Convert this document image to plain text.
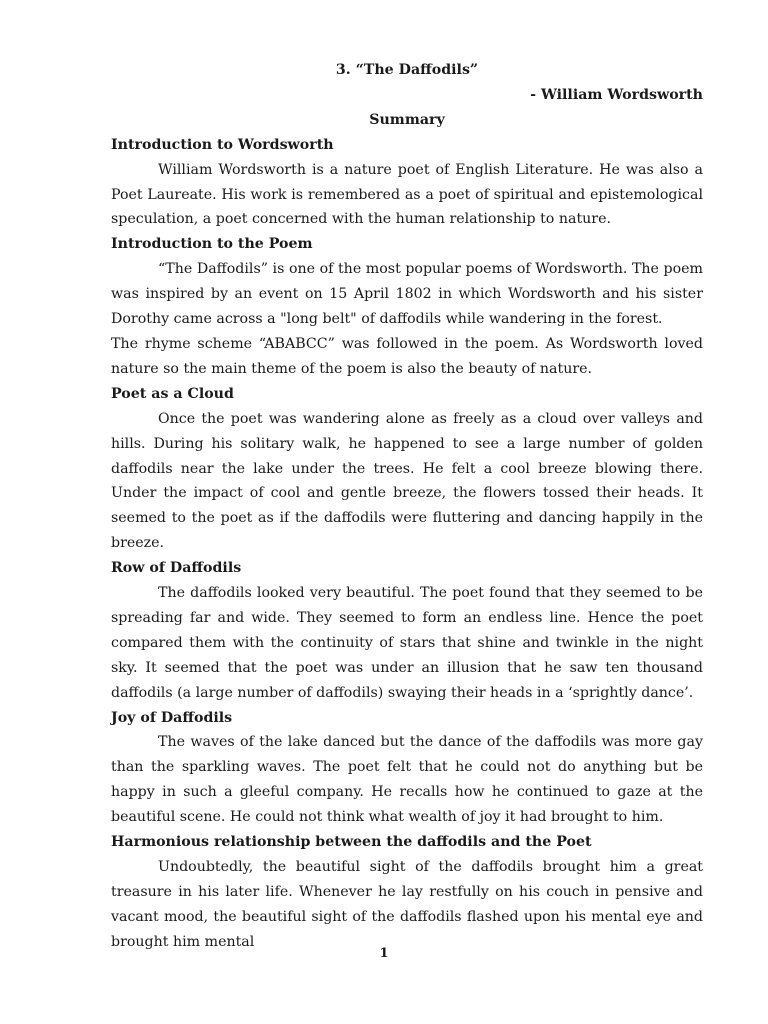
3. “The Daffodils”

- William Wordsworth

Summary

Introduction to Wordsworth

William Wordsworth is a nature poet of English Literature. He was also a Poet Laureate. His work is remembered as a poet of spiritual and epistemological speculation, a poet concerned with the human relationship to nature.

Introduction to the Poem

“The Daffodils” is one of the most popular poems of Wordsworth. The poem was inspired by an event on 15 April 1802 in which Wordsworth and his sister Dorothy came across a "long belt" of daffodils while wandering in the forest.

The rhyme scheme “ABABCC” was followed in the poem. As Wordsworth loved nature so the main theme of the poem is also the beauty of nature.

Poet as a Cloud

Once the poet was wandering alone as freely as a cloud over valleys and hills. During his solitary walk, he happened to see a large number of golden daffodils near the lake under the trees. He felt a cool breeze blowing there. Under the impact of cool and gentle breeze, the flowers tossed their heads. It seemed to the poet as if the daffodils were fluttering and dancing happily in the breeze.

Row of Daffodils

The daffodils looked very beautiful. The poet found that they seemed to be spreading far and wide. They seemed to form an endless line. Hence the poet compared them with the continuity of stars that shine and twinkle in the night sky. It seemed that the poet was under an illusion that he saw ten thousand daffodils (a large number of daffodils) swaying their heads in a ‘sprightly dance’.

Joy of Daffodils

The waves of the lake danced but the dance of the daffodils was more gay than the sparkling waves. The poet felt that he could not do anything but be happy in such a gleeful company. He recalls how he continued to gaze at the beautiful scene. He could not think what wealth of joy it had brought to him.

Harmonious relationship between the daffodils and the Poet

Undoubtedly, the beautiful sight of the daffodils brought him a great treasure in his later life. Whenever he lay restfully on his couch in pensive and vacant mood, the beautiful sight of the daffodils flashed upon his mental eye and brought him mental

1
